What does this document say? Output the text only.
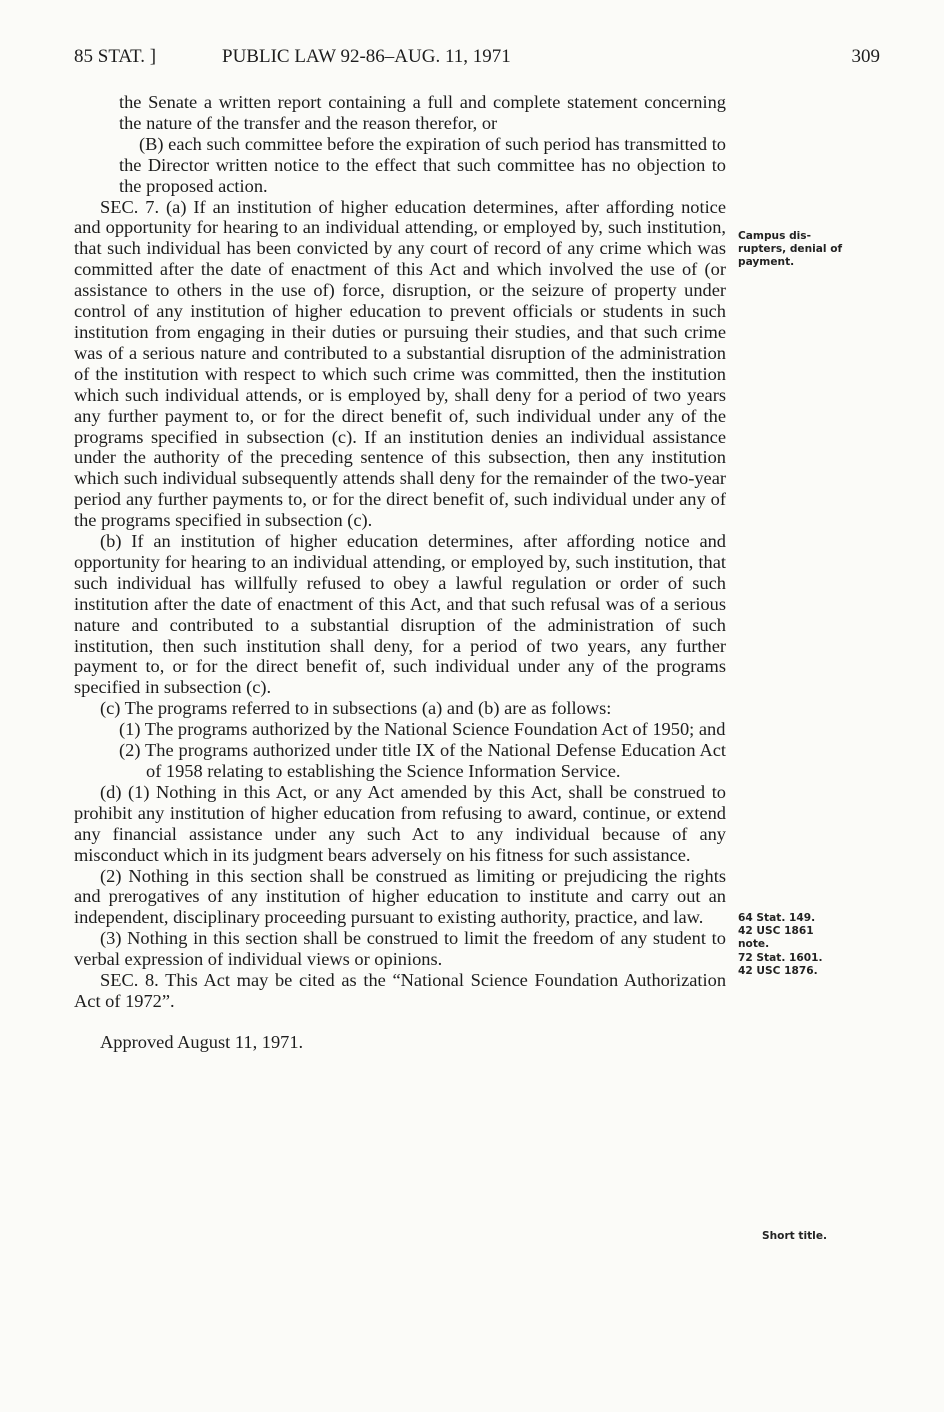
85 STAT. ]	PUBLIC LAW 92-86–AUG. 11, 1971	309

the Senate a written report containing a full and complete statement concerning the nature of the transfer and the reason therefor, or

(B) each such committee before the expiration of such period has transmitted to the Director written notice to the effect that such committee has no objection to the proposed action.

SEC. 7. (a) If an institution of higher education determines, after affording notice and opportunity for hearing to an individual attending, or employed by, such institution, that such individual has been convicted by any court of record of any crime which was committed after the date of enactment of this Act and which involved the use of (or assistance to others in the use of) force, disruption, or the seizure of property under control of any institution of higher education to prevent officials or students in such institution from engaging in their duties or pursuing their studies, and that such crime was of a serious nature and contributed to a substantial disruption of the administration of the institution with respect to which such crime was committed, then the institution which such individual attends, or is employed by, shall deny for a period of two years any further payment to, or for the direct benefit of, such individual under any of the programs specified in subsection (c). If an institution denies an individual assistance under the authority of the preceding sentence of this subsection, then any institution which such individual subsequently attends shall deny for the remainder of the two-year period any further payments to, or for the direct benefit of, such individual under any of the programs specified in subsection (c).

(b) If an institution of higher education determines, after affording notice and opportunity for hearing to an individual attending, or employed by, such institution, that such individual has willfully refused to obey a lawful regulation or order of such institution after the date of enactment of this Act, and that such refusal was of a serious nature and contributed to a substantial disruption of the administration of such institution, then such institution shall deny, for a period of two years, any further payment to, or for the direct benefit of, such individual under any of the programs specified in subsection (c).

(c) The programs referred to in subsections (a) and (b) are as follows:

(1) The programs authorized by the National Science Foundation Act of 1950; and

(2) The programs authorized under title IX of the National Defense Education Act of 1958 relating to establishing the Science Information Service.

(d) (1) Nothing in this Act, or any Act amended by this Act, shall be construed to prohibit any institution of higher education from refusing to award, continue, or extend any financial assistance under any such Act to any individual because of any misconduct which in its judgment bears adversely on his fitness for such assistance.

(2) Nothing in this section shall be construed as limiting or prejudicing the rights and prerogatives of any institution of higher education to institute and carry out an independent, disciplinary proceeding pursuant to existing authority, practice, and law.

(3) Nothing in this section shall be construed to limit the freedom of any student to verbal expression of individual views or opinions.

SEC. 8. This Act may be cited as the “National Science Foundation Authorization Act of 1972”.

Approved August 11, 1971.

Campus dis-
rupters, denial of
payment.
64 Stat. 149.
42 USC 1861
note.
72 Stat. 1601.
42 USC 1876.
Short title.
